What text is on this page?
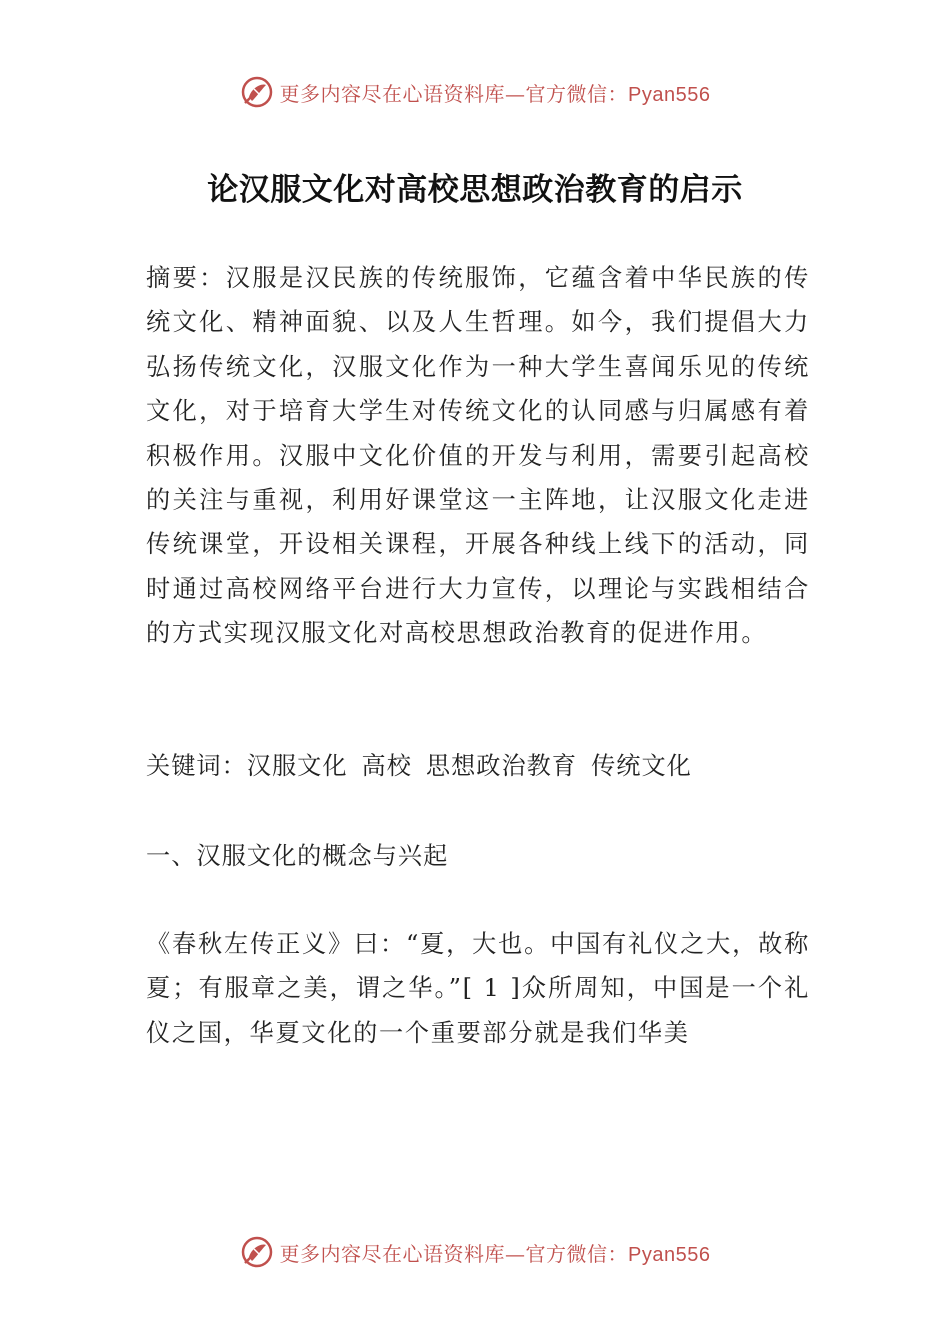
更多内容尽在心语资料库—官方微信：Pyan556
论汉服文化对高校思想政治教育的启示

摘要：汉服是汉民族的传统服饰，它蕴含着中华民族的传统文化、精神面貌、以及人生哲理。如今，我们提倡大力弘扬传统文化，汉服文化作为一种大学生喜闻乐见的传统文化，对于培育大学生对传统文化的认同感与归属感有着积极作用。汉服中文化价值的开发与利用，需要引起高校的关注与重视，利用好课堂这一主阵地，让汉服文化走进传统课堂，开设相关课程，开展各种线上线下的活动，同时通过高校网络平台进行大力宣传，以理论与实践相结合的方式实现汉服文化对高校思想政治教育的促进作用。

关键词：汉服文化 高校 思想政治教育 传统文化

一、汉服文化的概念与兴起

《春秋左传正义》曰：“夏，大也。中国有礼仪之大，故称夏；有服章之美，谓之华。”[ 1 ]众所周知，中国是一个礼仪之国，华夏文化的一个重要部分就是我们华美

更多内容尽在心语资料库—官方微信：Pyan556
